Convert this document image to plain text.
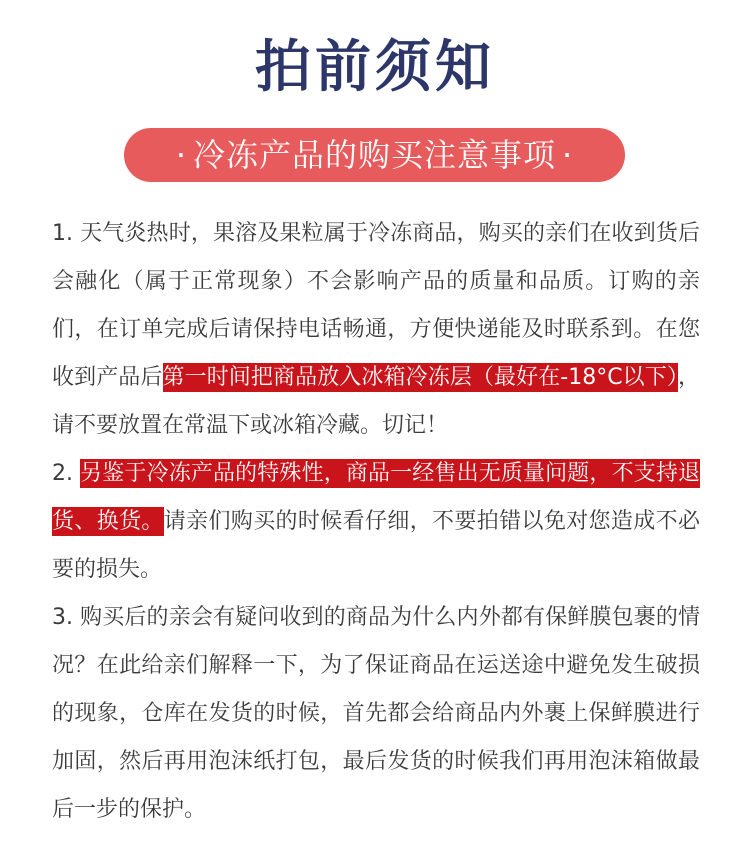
拍前须知
· 冷冻产品的购买注意事项 ·

1. 天气炎热时，果溶及果粒属于冷冻商品，购买的亲们在收到货后会融化（属于正常现象）不会影响产品的质量和品质。订购的亲们，在订单完成后请保持电话畅通，方便快递能及时联系到。在您收到产品后第一时间把商品放入冰箱冷冻层（最好在-18°C以下），请不要放置在常温下或冰箱冷藏。切记！

2. 另鉴于冷冻产品的特殊性，商品一经售出无质量问题，不支持退货、换货。请亲们购买的时候看仔细，不要拍错以免对您造成不必要的损失。

3. 购买后的亲会有疑问收到的商品为什么内外都有保鲜膜包裹的情况？在此给亲们解释一下，为了保证商品在运送途中避免发生破损的现象，仓库在发货的时候，首先都会给商品内外裹上保鲜膜进行加固，然后再用泡沫纸打包，最后发货的时候我们再用泡沫箱做最后一步的保护。
